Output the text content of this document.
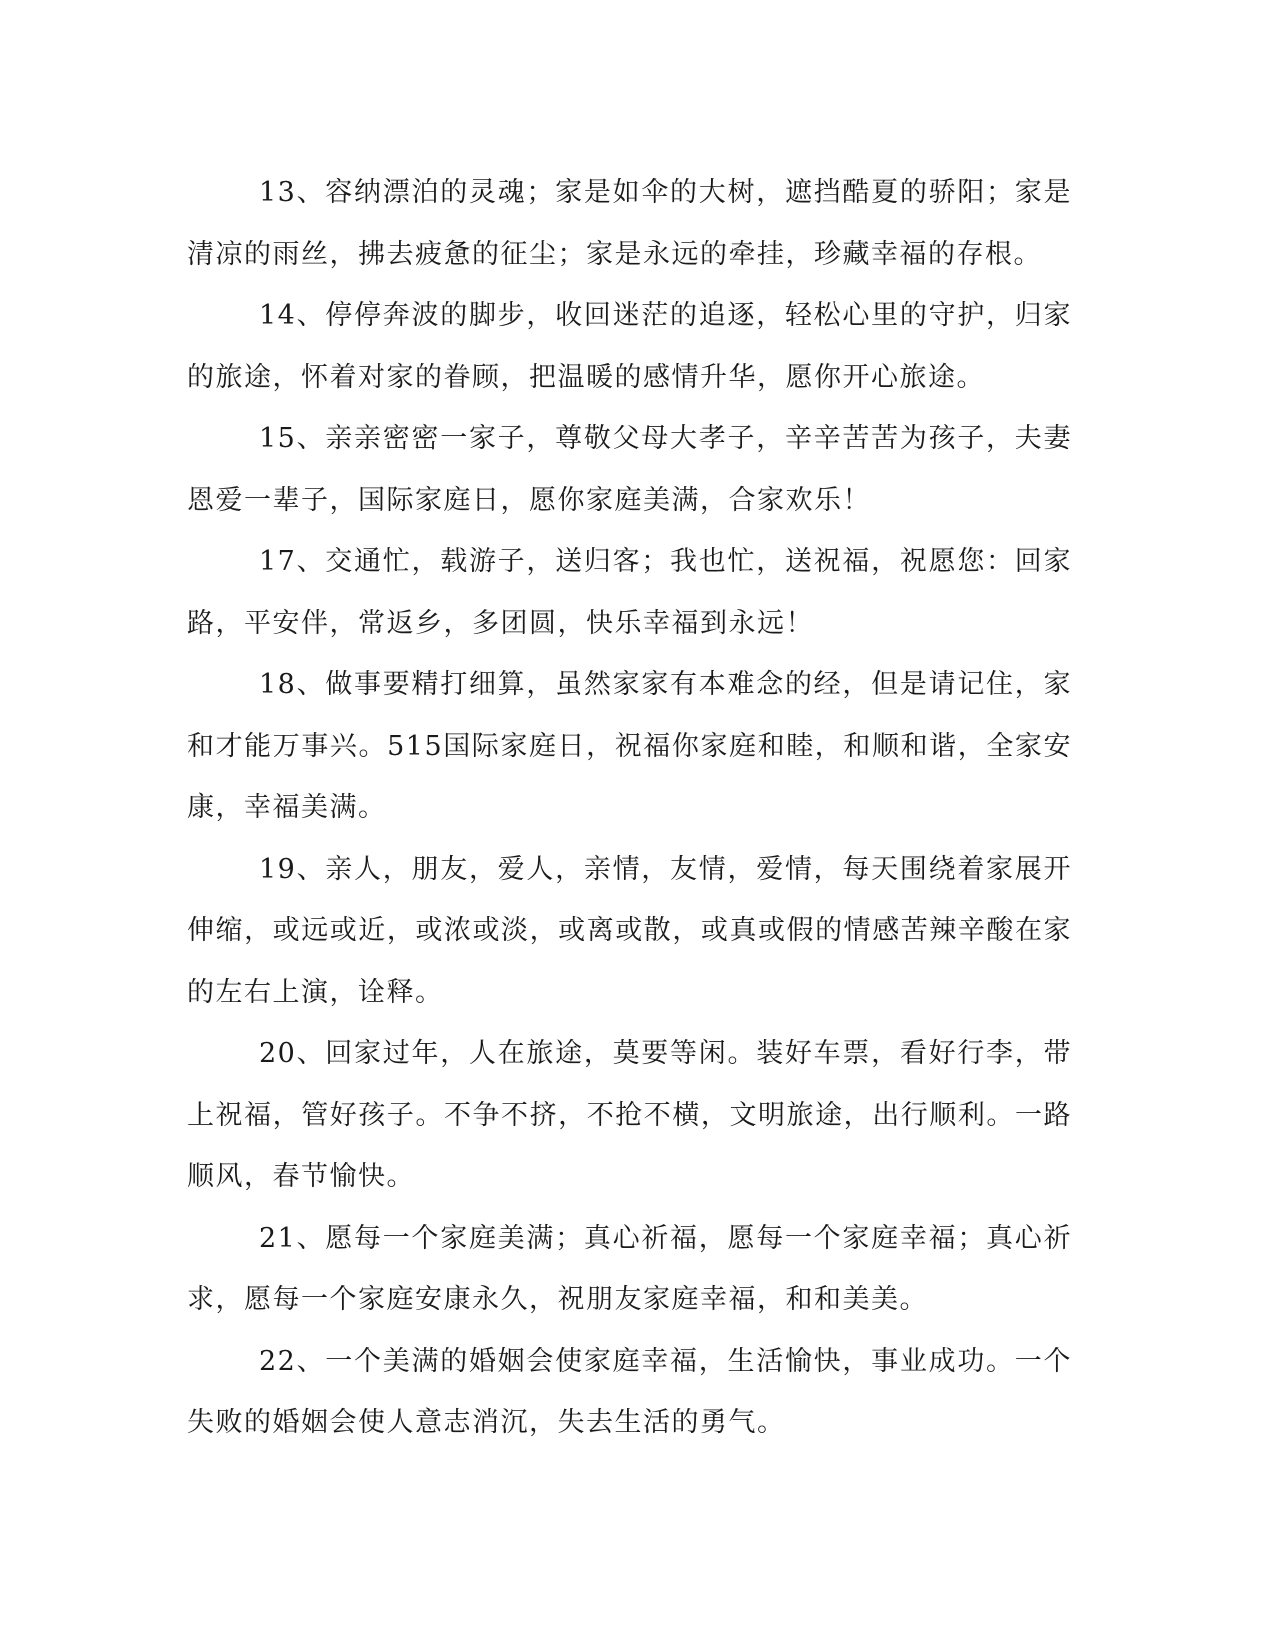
13、容纳漂泊的灵魂；家是如伞的大树，遮挡酷夏的骄阳；家是清凉的雨丝，拂去疲惫的征尘；家是永远的牵挂，珍藏幸福的存根。

14、停停奔波的脚步，收回迷茫的追逐，轻松心里的守护，归家的旅途，怀着对家的眷顾，把温暖的感情升华，愿你开心旅途。

15、亲亲密密一家子，尊敬父母大孝子，辛辛苦苦为孩子，夫妻恩爱一辈子，国际家庭日，愿你家庭美满，合家欢乐！

17、交通忙，载游子，送归客；我也忙，送祝福，祝愿您：回家路，平安伴，常返乡，多团圆，快乐幸福到永远！

18、做事要精打细算，虽然家家有本难念的经，但是请记住，家和才能万事兴。515国际家庭日，祝福你家庭和睦，和顺和谐，全家安康，幸福美满。

19、亲人，朋友，爱人，亲情，友情，爱情，每天围绕着家展开伸缩，或远或近，或浓或淡，或离或散，或真或假的情感苦辣辛酸在家的左右上演，诠释。

20、回家过年，人在旅途，莫要等闲。装好车票，看好行李，带上祝福，管好孩子。不争不挤，不抢不横，文明旅途，出行顺利。一路顺风，春节愉快。

21、愿每一个家庭美满；真心祈福，愿每一个家庭幸福；真心祈求，愿每一个家庭安康永久，祝朋友家庭幸福，和和美美。

22、一个美满的婚姻会使家庭幸福，生活愉快，事业成功。一个失败的婚姻会使人意志消沉，失去生活的勇气。
